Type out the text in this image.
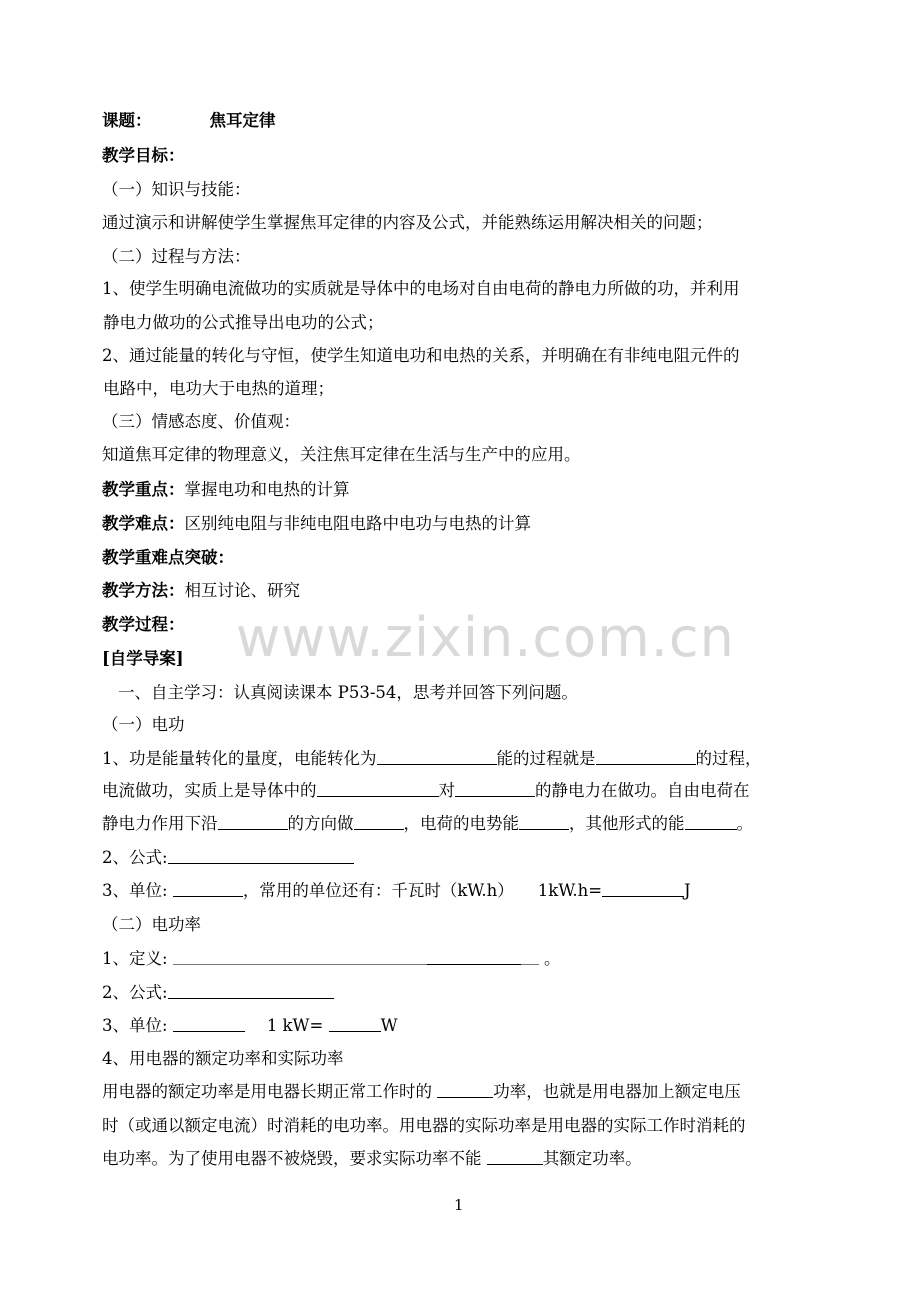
课题：	焦耳定律
教学目标：
（一）知识与技能：
通过演示和讲解使学生掌握焦耳定律的内容及公式，并能熟练运用解决相关的问题；
（二）过程与方法：
1、使学生明确电流做功的实质就是导体中的电场对自由电荷的静电力所做的功，并利用
静电力做功的公式推导出电功的公式；
2、通过能量的转化与守恒，使学生知道电功和电热的关系，并明确在有非纯电阻元件的
电路中，电功大于电热的道理；
（三）情感态度、价值观：
知道焦耳定律的物理意义，关注焦耳定律在生活与生产中的应用。
教学重点：掌握电功和电热的计算
教学难点：区别纯电阻与非纯电阻电路中电功与电热的计算
教学重难点突破：
教学方法：相互讨论、研究
教学过程：
[自学导案]
一、自主学习：认真阅读课本 P53-54，思考并回答下列问题。
（一）电功
1、功是能量转化的量度，电能转化为	能的过程就是	的过程，
电流做功，实质上是导体中的	对	的静电力在做功。自由电荷在
静电力作用下沿	的方向做	，电荷的电势能	，其他形式的能	。
2、公式:
3、单位:	，常用的单位还有：千瓦时（kW.h） 1kW.h=	J
（二）电功率
1、定义:	。
2、公式:
3、单位:	1 kW=	W
4、用电器的额定功率和实际功率
用电器的额定功率是用电器长期正常工作时的	功率，也就是用电器加上额定电压
时（或通以额定电流）时消耗的电功率。用电器的实际功率是用电器的实际工作时消耗的
电功率。为了使用电器不被烧毁，要求实际功率不能	其额定功率。
www.zixin.com.cn
1
